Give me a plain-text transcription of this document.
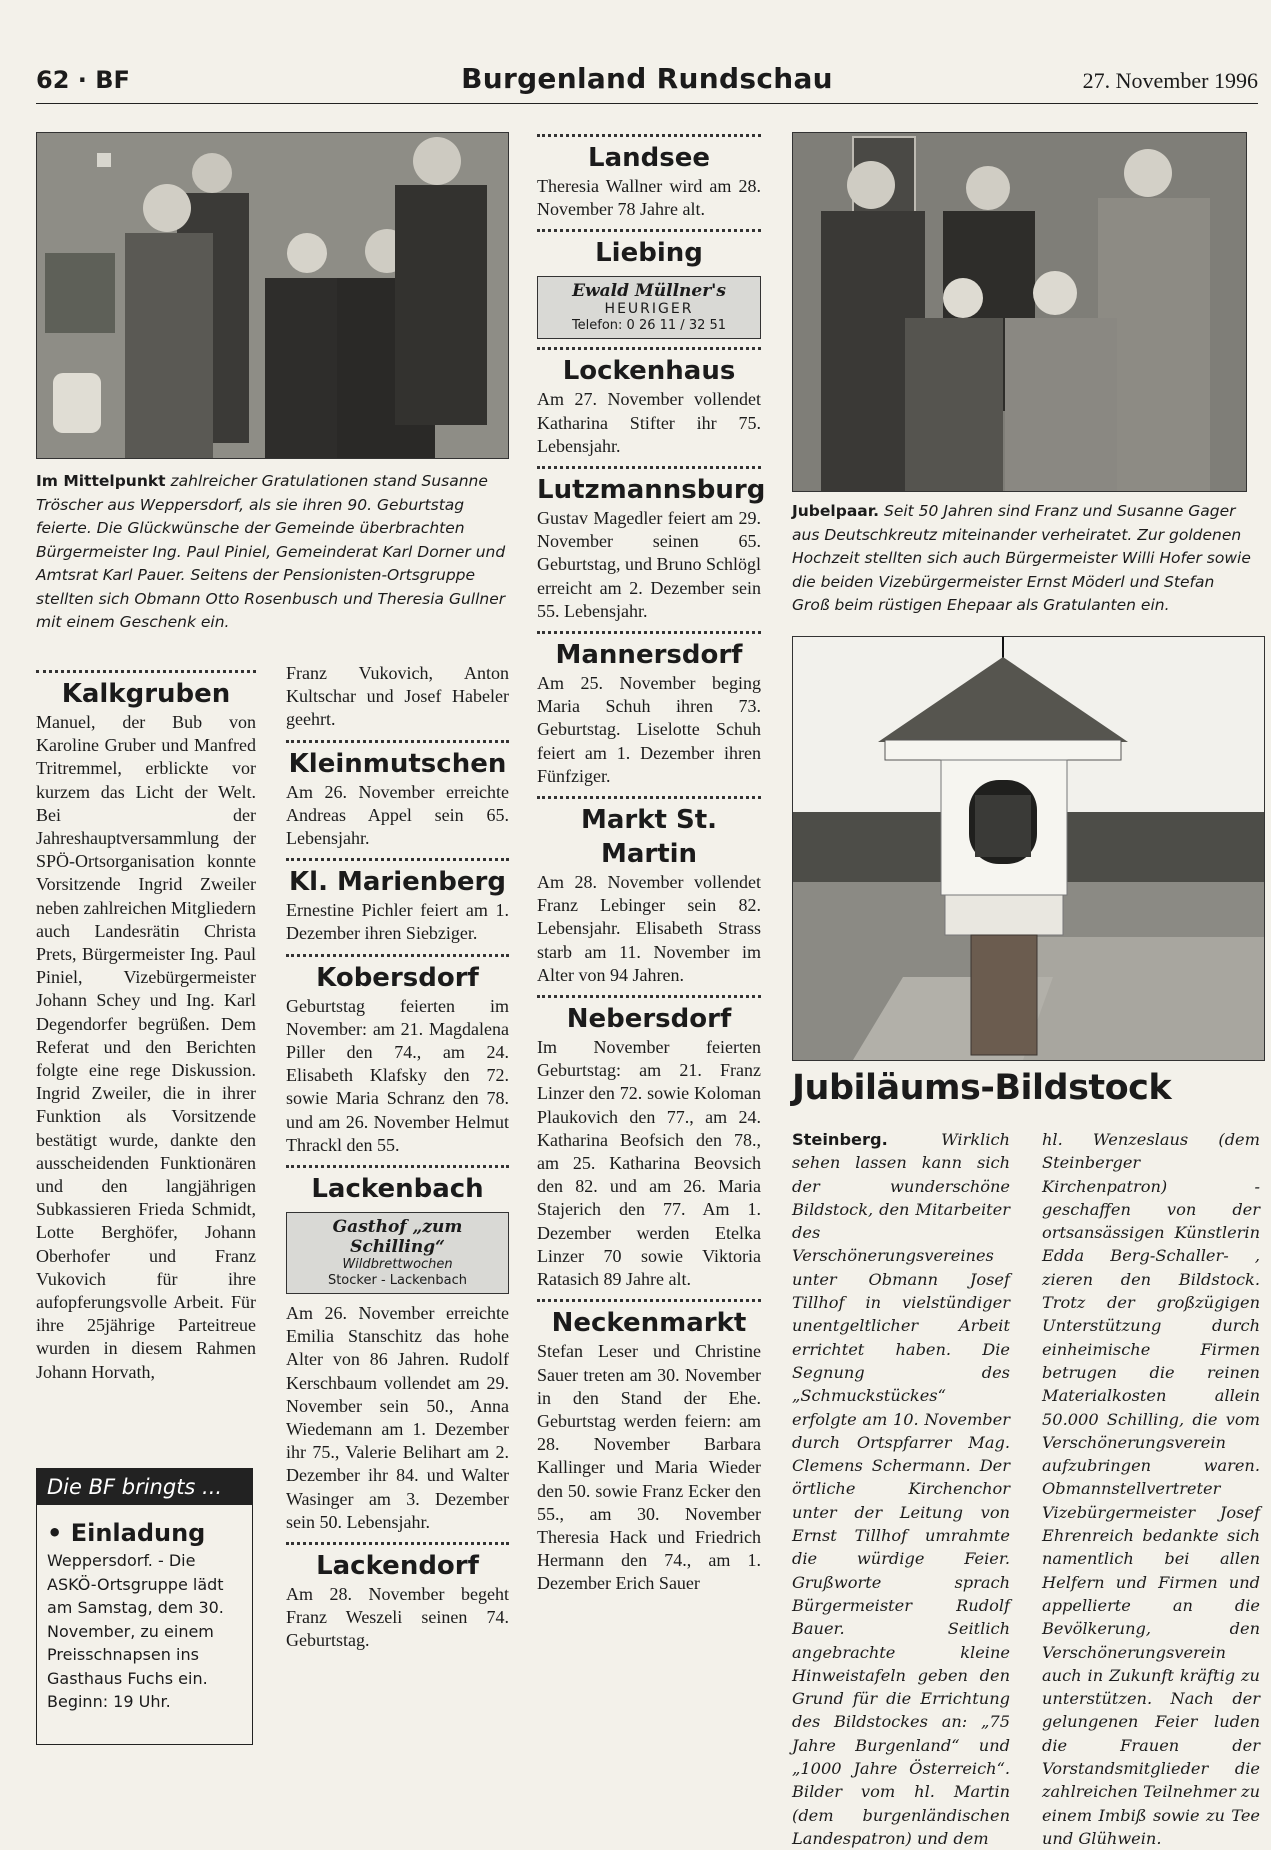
62 · BF	Burgenland Rundschau	27. November 1996
Im Mittelpunkt zahlreicher Gratulationen stand Susanne Tröscher aus Weppersdorf, als sie ihren 90. Geburtstag feierte. Die Glückwünsche der Gemeinde überbrachten Bürgermeister Ing. Paul Piniel, Gemeinderat Karl Dorner und Amtsrat Karl Pauer. Seitens der Pensionisten-Ortsgruppe stellten sich Obmann Otto Rosenbusch und Theresia Gullner mit einem Geschenk ein.
Kalkgruben

Manuel, der Bub von Karoline Gruber und Manfred Tritremmel, erblickte vor kurzem das Licht der Welt. Bei der Jahreshauptversammlung der SPÖ-Ortsorganisation konnte Vorsitzende Ingrid Zweiler neben zahlreichen Mitgliedern auch Landesrätin Christa Prets, Bürgermeister Ing. Paul Piniel, Vizebürgermeister Johann Schey und Ing. Karl Degendorfer begrüßen. Dem Referat und den Berichten folgte eine rege Diskussion. Ingrid Zweiler, die in ihrer Funktion als Vorsitzende bestätigt wurde, dankte den ausscheidenden Funktionären und den langjährigen Subkassieren Frieda Schmidt, Lotte Berghöfer, Johann Oberhofer und Franz Vukovich für ihre aufopferungsvolle Arbeit. Für ihre 25jährige Parteitreue wurden in diesem Rahmen Johann Horvath,

Die BF bringts ...
• Einladung
Weppersdorf. - Die ASKÖ-Ortsgruppe lädt am Samstag, dem 30. November, zu einem Preisschnapsen ins Gasthaus Fuchs ein. Beginn: 19 Uhr.

Franz Vukovich, Anton Kultschar und Josef Habeler geehrt.

Kleinmutschen

Am 26. November erreichte Andreas Appel sein 65. Lebensjahr.

Kl. Marienberg

Ernestine Pichler feiert am 1. Dezember ihren Siebziger.

Kobersdorf

Geburtstag feierten im November: am 21. Magdalena Piller den 74., am 24. Elisabeth Klafsky den 72. sowie Maria Schranz den 78. und am 26. November Helmut Thrackl den 55.

Lackenbach
Gasthof „zum Schilling“
Wildbrettwochen
Stocker - Lackenbach

Am 26. November erreichte Emilia Stanschitz das hohe Alter von 86 Jahren. Rudolf Kerschbaum vollendet am 29. November sein 50., Anna Wiedemann am 1. Dezember ihr 75., Valerie Belihart am 2. Dezember ihr 84. und Walter Wasinger am 3. Dezember sein 50. Lebensjahr.

Lackendorf

Am 28. November begeht Franz Weszeli seinen 74. Geburtstag.

Landsee

Theresia Wallner wird am 28. November 78 Jahre alt.

Liebing
Ewald Müllner's
HEURIGER
Telefon: 0 26 11 / 32 51
Lockenhaus

Am 27. November vollendet Katharina Stifter ihr 75. Lebensjahr.

Lutzmannsburg

Gustav Magedler feiert am 29. November seinen 65. Geburtstag, und Bruno Schlögl erreicht am 2. Dezember sein 55. Lebensjahr.

Mannersdorf

Am 25. November beging Maria Schuh ihren 73. Geburtstag. Liselotte Schuh feiert am 1. Dezember ihren Fünfziger.

Markt St. Martin

Am 28. November vollendet Franz Lebinger sein 82. Lebensjahr. Elisabeth Strass starb am 11. November im Alter von 94 Jahren.

Nebersdorf

Im November feierten Geburtstag: am 21. Franz Linzer den 72. sowie Koloman Plaukovich den 77., am 24. Katharina Beofsich den 78., am 25. Katharina Beovsich den 82. und am 26. Maria Stajerich den 77. Am 1. Dezember werden Etelka Linzer 70 sowie Viktoria Ratasich 89 Jahre alt.

Neckenmarkt

Stefan Leser und Christine Sauer treten am 30. November in den Stand der Ehe. Geburtstag werden feiern: am 28. November Barbara Kallinger und Maria Wieder den 50. sowie Franz Ecker den 55., am 30. November Theresia Hack und Friedrich Hermann den 74., am 1. Dezember Erich Sauer

Jubelpaar. Seit 50 Jahren sind Franz und Susanne Gager aus Deutschkreutz miteinander verheiratet. Zur goldenen Hochzeit stellten sich auch Bürgermeister Willi Hofer sowie die beiden Vizebürgermeister Ernst Möderl und Stefan Groß beim rüstigen Ehepaar als Gratulanten ein.
Jubiläums-Bildstock

Steinberg.	Wirklich sehen lassen kann sich der wunderschöne Bildstock, den Mitarbeiter des Verschönerungsvereines unter Obmann Josef Tillhof in vielstündiger unentgeltlicher Arbeit errichtet haben. Die Segnung des „Schmuckstückes“ erfolgte am 10. November durch Ortspfarrer Mag. Clemens Schermann. Der örtliche Kirchenchor unter der Leitung von Ernst Tillhof umrahmte die würdige Feier. Grußworte sprach Bürgermeister Rudolf Bauer. Seitlich angebrachte kleine Hinweistafeln geben den Grund für die Errichtung des Bildstockes an: „75 Jahre Burgenland“ und „1000 Jahre Österreich“. Bilder vom hl. Martin (dem burgenländischen Landespatron) und dem

hl. Wenzeslaus (dem Steinberger Kirchenpatron) - geschaffen von der ortsansässigen Künstlerin Edda Berg-Schaller- , zieren den Bildstock. Trotz der großzügigen Unterstützung durch einheimische Firmen betrugen die reinen Materialkosten allein 50.000 Schilling, die vom Verschönerungsverein aufzubringen waren. Obmannstellvertreter Vizebürgermeister Josef Ehrenreich bedankte sich namentlich bei allen Helfern und Firmen und appellierte an die Bevölkerung, den Verschönerungsverein auch in Zukunft kräftig zu unterstützen. Nach der gelungenen Feier luden die Frauen der Vorstandsmitglieder die zahlreichen Teilnehmer zu einem Imbiß sowie zu Tee und Glühwein.
